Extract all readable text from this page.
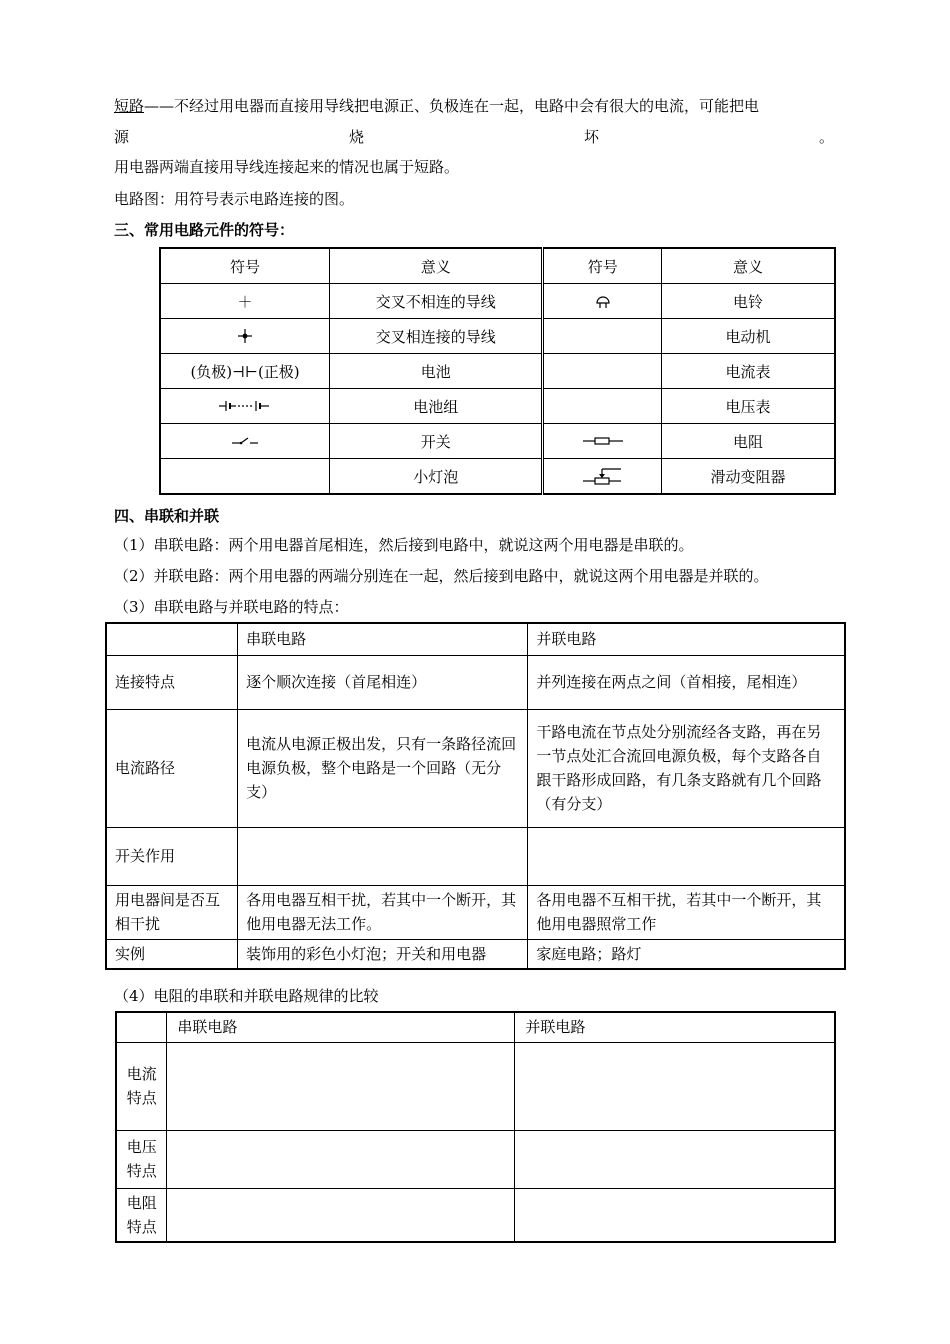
短路——不经过用电器而直接用导线把电源正、负极连在一起，电路中会有很大的电流，可能把电
源	烧	坏	。
用电器两端直接用导线连接起来的情况也属于短路。
电路图：用符号表示电路连接的图。
三、常用电路元件的符号：
符号	意义	符号	意义
＋	交叉不相连的导线		电铃

	交叉相连接的导线		电动机
(负极)⊣⊢(正极)	电池		电流表

	电池组		电压表

	开关		电阻
	小灯泡		滑动变阻器
四、串联和并联
（1）串联电路：两个用电器首尾相连，然后接到电路中，就说这两个用电器是串联的。
（2）并联电路：两个用电器的两端分别连在一起，然后接到电路中，就说这两个用电器是并联的。
（3）串联电路与并联电路的特点：
	串联电路	并联电路
连接特点	逐个顺次连接（首尾相连）	并列连接在两点之间（首相接，尾相连）
电流路径	电流从电源正极出发，只有一条路径流回电源负极，整个电路是一个回路（无分支）	干路电流在节点处分别流经各支路，再在另一节点处汇合流回电源负极，每个支路各自跟干路形成回路，有几条支路就有几个回路（有分支）
开关作用		
用电器间是否互相干扰	各用电器互相干扰，若其中一个断开，其他用电器无法工作。	各用电器不互相干扰，若其中一个断开，其他用电器照常工作
实例	装饰用的彩色小灯泡；开关和用电器	家庭电路；路灯
（4）电阻的串联和并联电路规律的比较
	串联电路	并联电路
电流特点		
电压特点		
电阻特点		
